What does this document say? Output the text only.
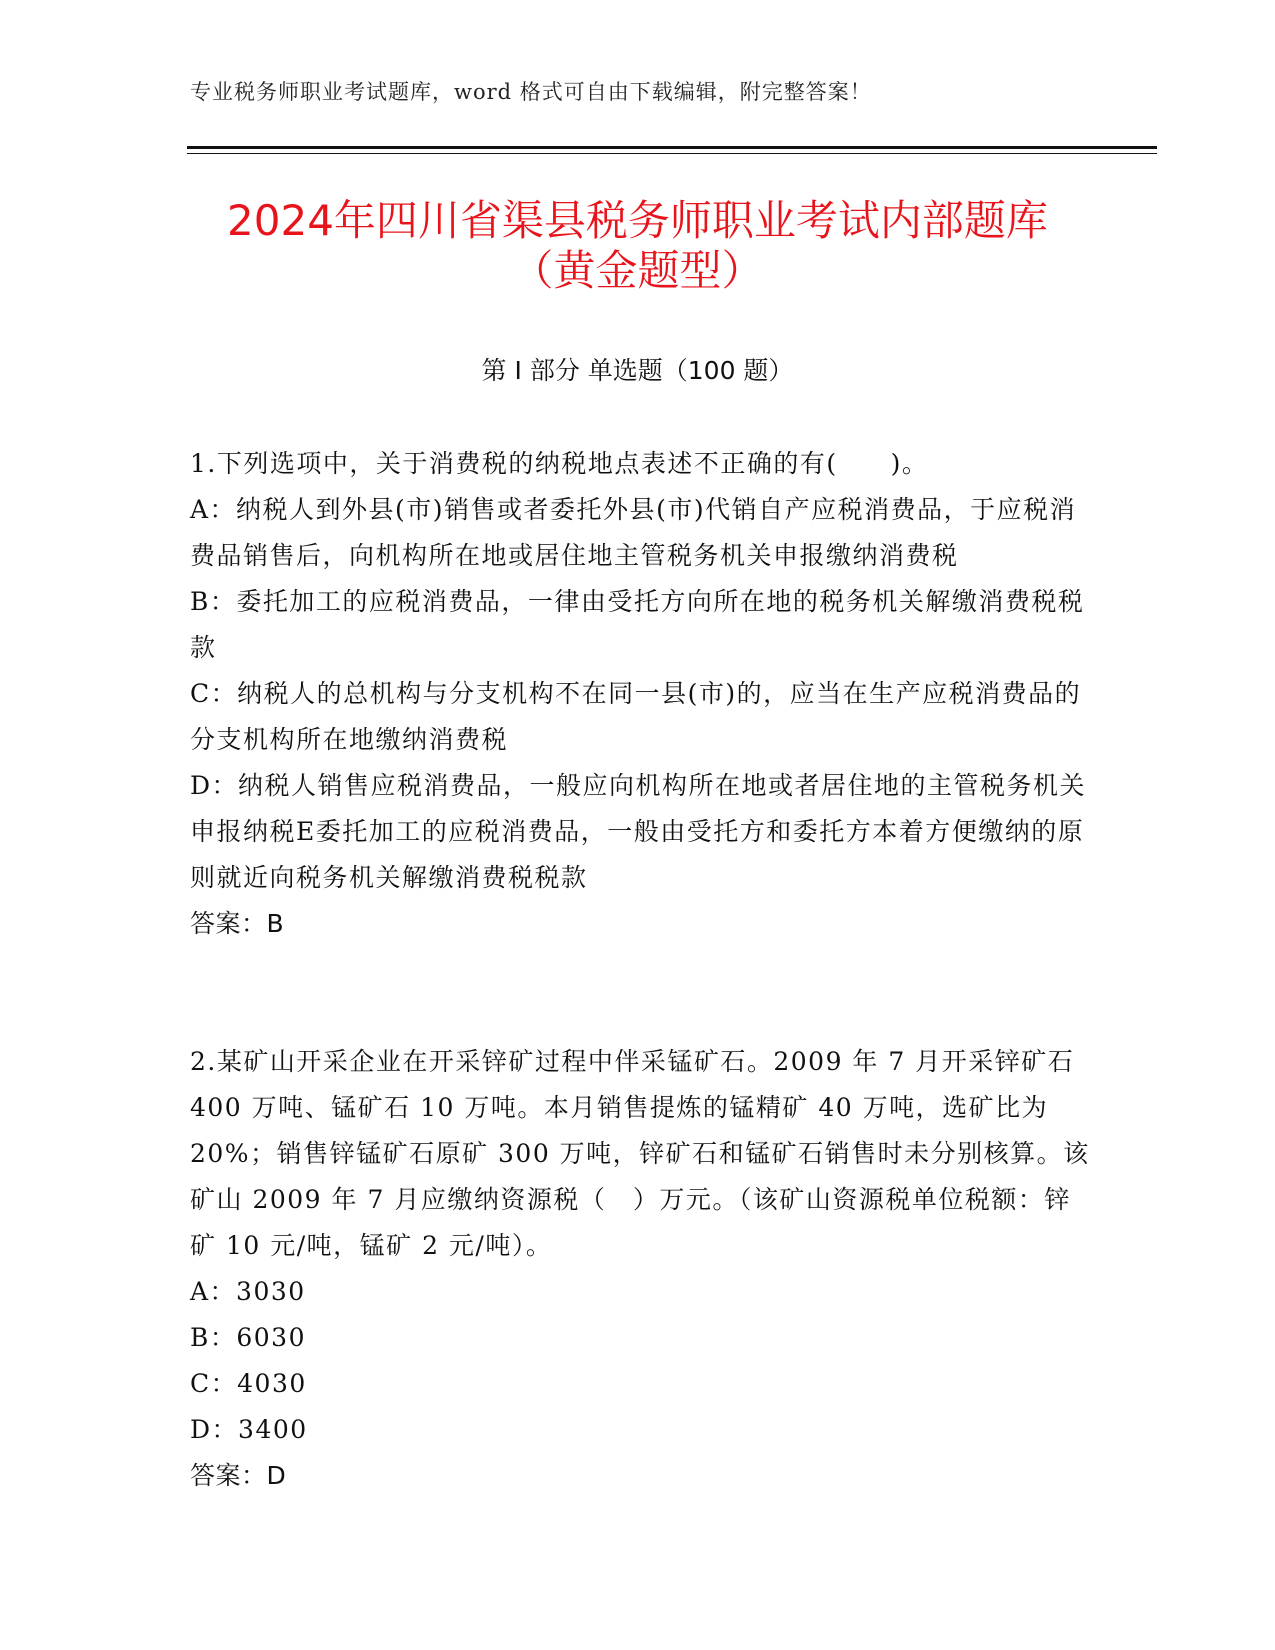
专业税务师职业考试题库，word 格式可自由下载编辑，附完整答案！
2024年四川省渠县税务师职业考试内部题库
（黄金题型）
第 I 部分 单选题（100 题）
1.下列选项中，关于消费税的纳税地点表述不正确的有(　　)。
A：纳税人到外县(市)销售或者委托外县(市)代销自产应税消费品，于应税消费品销售后，向机构所在地或居住地主管税务机关申报缴纳消费税
B：委托加工的应税消费品，一律由受托方向所在地的税务机关解缴消费税税款
C：纳税人的总机构与分支机构不在同一县(市)的，应当在生产应税消费品的分支机构所在地缴纳消费税
D：纳税人销售应税消费品，一般应向机构所在地或者居住地的主管税务机关申报纳税E委托加工的应税消费品，一般由受托方和委托方本着方便缴纳的原则就近向税务机关解缴消费税税款
答案：B
2.某矿山开采企业在开采锌矿过程中伴采锰矿石。2009 年 7 月开采锌矿石 400 万吨、锰矿石 10 万吨。本月销售提炼的锰精矿 40 万吨，选矿比为 20%；销售锌锰矿石原矿 300 万吨，锌矿石和锰矿石销售时未分别核算。该矿山 2009 年 7 月应缴纳资源税（　）万元。（该矿山资源税单位税额：锌矿 10 元/吨，锰矿 2 元/吨）。
A：3030
B：6030
C：4030
D：3400
答案：D
